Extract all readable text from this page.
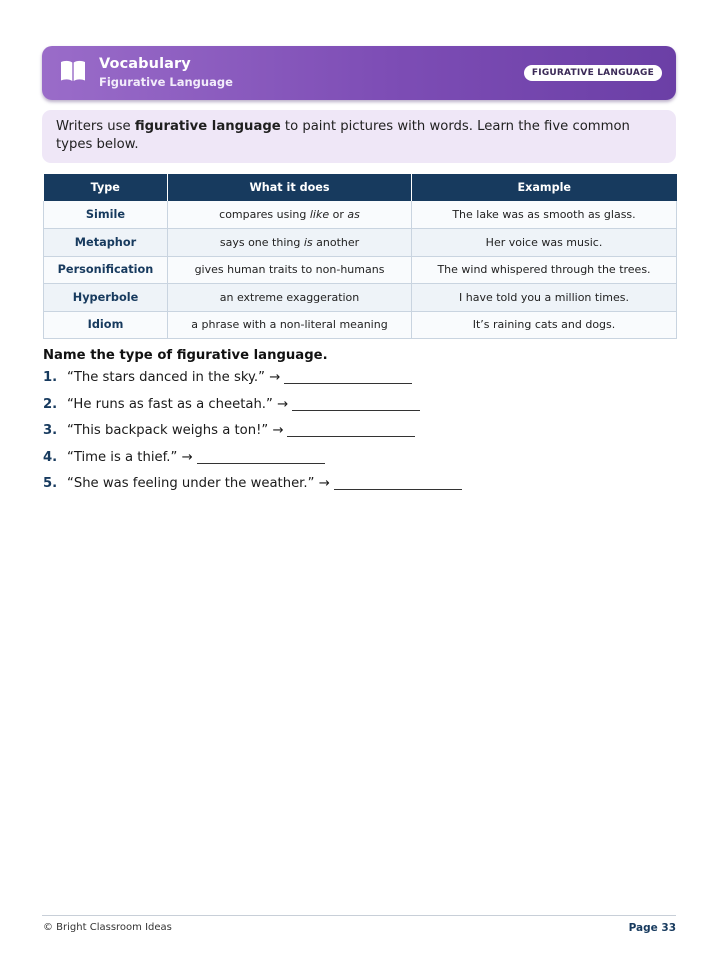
Vocabulary
Figurative Language
FIGURATIVE LANGUAGE
Writers use figurative language to paint pictures with words. Learn the five common types below.
Type	What it does	Example
Simile	compares using like or as	The lake was as smooth as glass.
Metaphor	says one thing is another	Her voice was music.
Personification	gives human traits to non-humans	The wind whispered through the trees.
Hyperbole	an extreme exaggeration	I have told you a million times.
Idiom	a phrase with a non-literal meaning	It’s raining cats and dogs.
Name the type of figurative language.
1. “The stars danced in the sky.” →
2. “He runs as fast as a cheetah.” →
3. “This backpack weighs a ton!” →
4. “Time is a thief.” →
5. “She was feeling under the weather.” →
© Bright Classroom Ideas	Page 33
